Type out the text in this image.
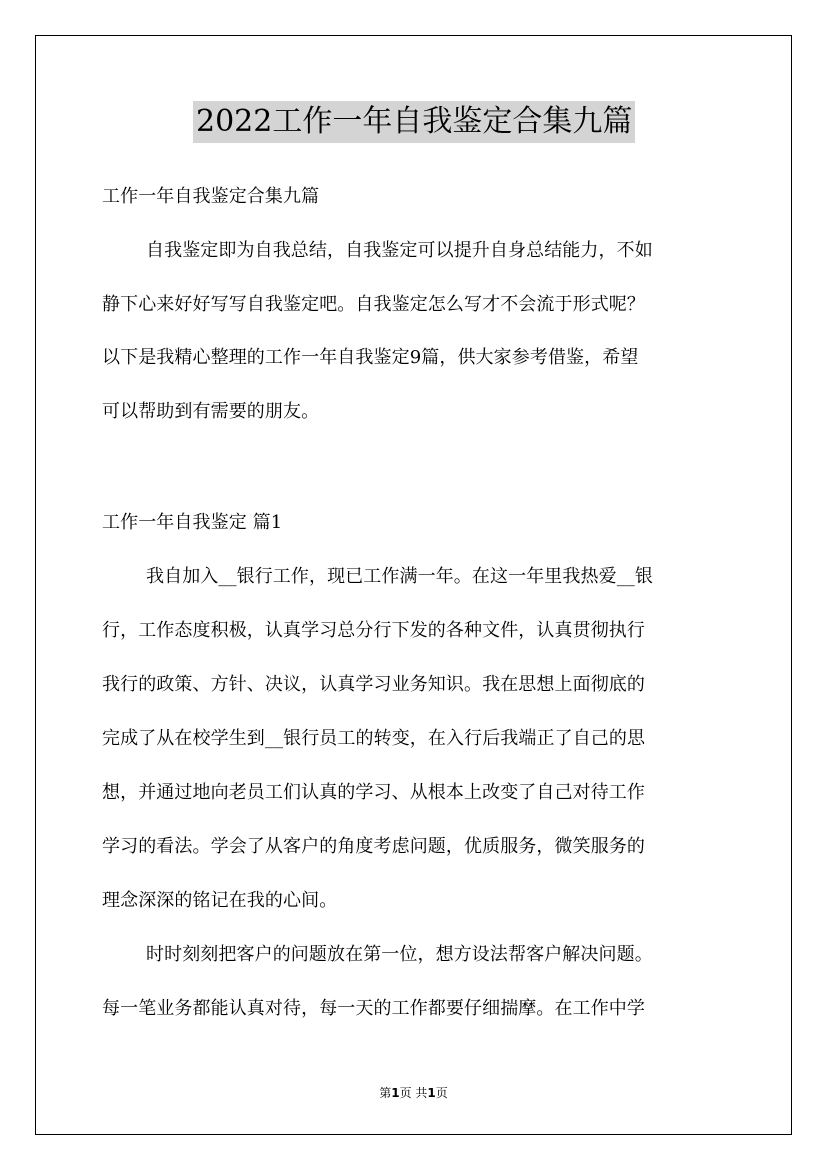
2022工作一年自我鉴定合集九篇

工作一年自我鉴定合集九篇

自我鉴定即为自我总结，自我鉴定可以提升自身总结能力，不如

静下心来好好写写自我鉴定吧。自我鉴定怎么写才不会流于形式呢？

以下是我精心整理的工作一年自我鉴定9篇，供大家参考借鉴，希望

可以帮助到有需要的朋友。

工作一年自我鉴定 篇1

我自加入__银行工作，现已工作满一年。在这一年里我热爱__银

行，工作态度积极，认真学习总分行下发的各种文件，认真贯彻执行

我行的政策、方针、决议，认真学习业务知识。我在思想上面彻底的

完成了从在校学生到__银行员工的转变，在入行后我端正了自己的思

想，并通过地向老员工们认真的学习、从根本上改变了自己对待工作

学习的看法。学会了从客户的角度考虑问题，优质服务，微笑服务的

理念深深的铭记在我的心间。

时时刻刻把客户的问题放在第一位，想方设法帮客户解决问题。

每一笔业务都能认真对待，每一天的工作都要仔细揣摩。在工作中学

第1页 共1页
